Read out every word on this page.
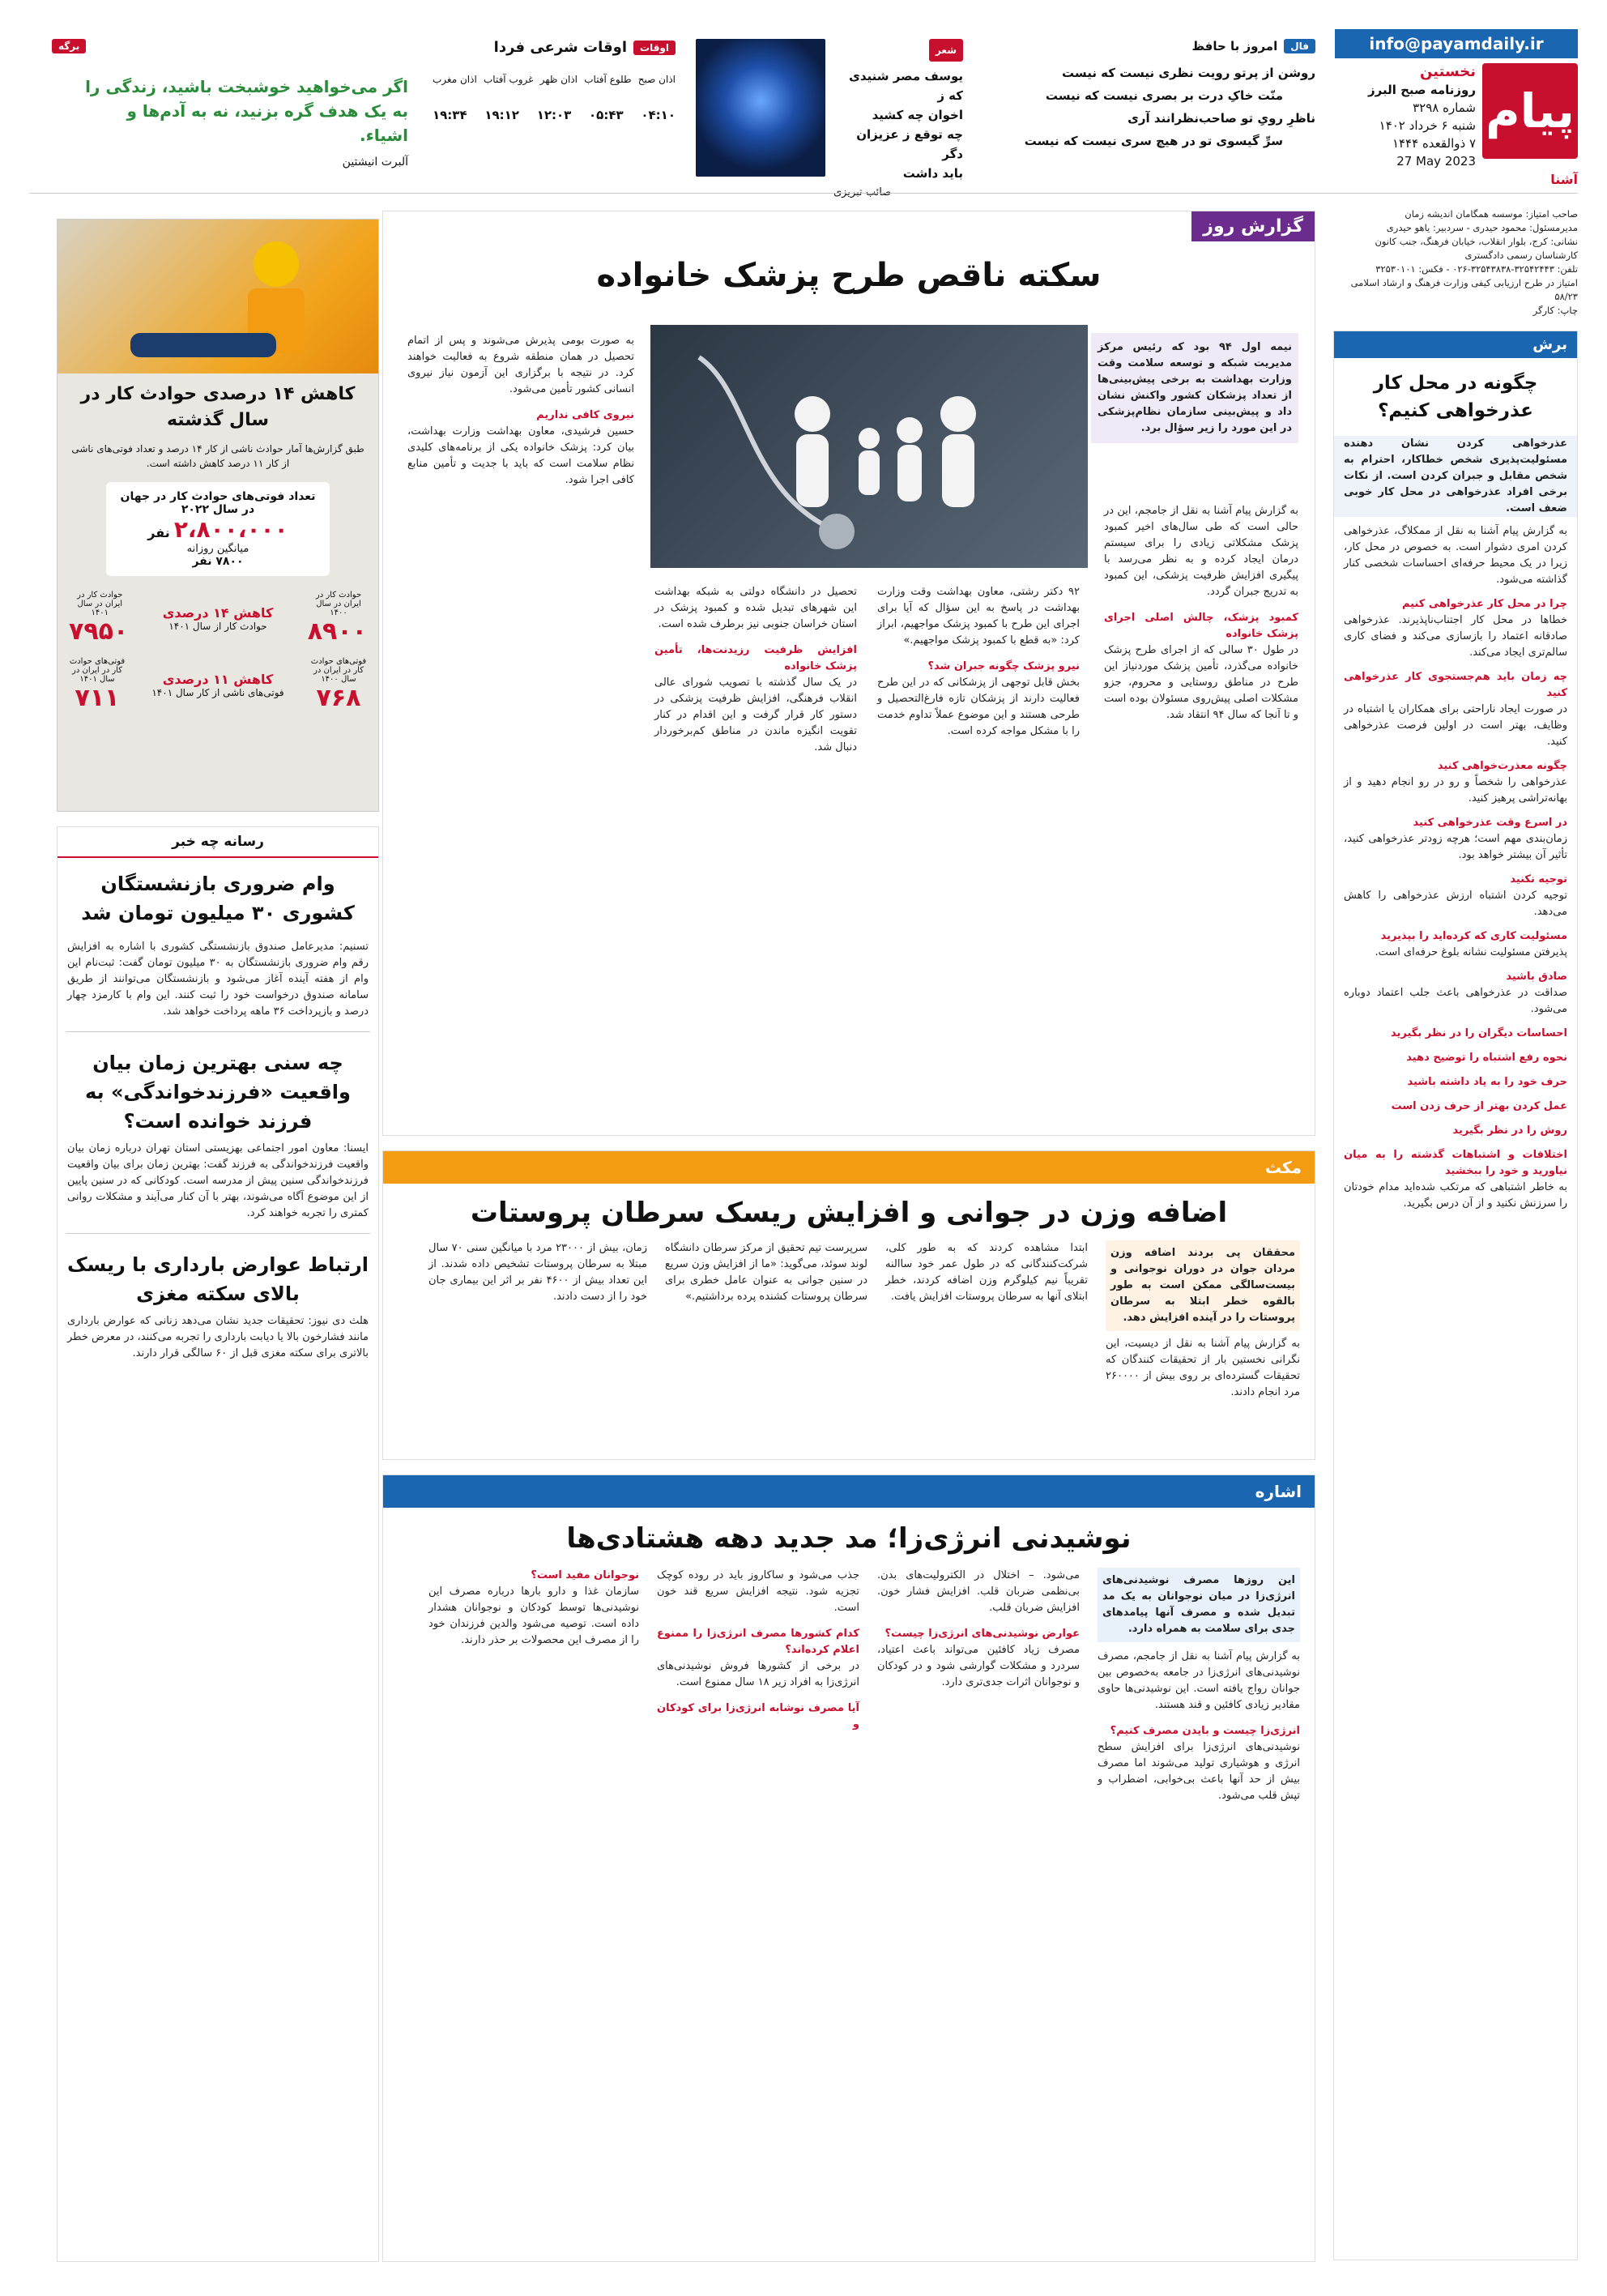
info@payamdaily.ir
پیام
نخستین
روزنامه صبح البرز
شماره ۳۲۹۸
شنبه ۶ خرداد ۱۴۰۲
۷ ذوالقعده ۱۴۴۴
27 May 2023
آشنا
صاحب امتیاز: موسسه همگامان اندیشه زمان
مدیرمسئول: محمود حیدری - سردبیر: یاهو حیدری
نشانی: کرج، بلوار انقلاب، خیابان فرهنگ، جنب کانون کارشناسان رسمی دادگستری
تلفن: ۳۲۵۴۲۴۴۳-۳۲۵۴۳۸۳۸-۰۲۶ - فکس: ۳۲۵۳۰۱۰۱
امتیاز در طرح ارزیابی کیفی وزارت فرهنگ و ارشاد اسلامی ۵۸/۲۳
چاپ: کارگر
فال
امروز با حافظ
روشن از پرتو رویت نظری نیست که نیست
منّت خاکِ درت بر بصری نیست که نیست
ناظرِ رویِ تو صاحب‌نظرانند آری
سرِّ گیسوی تو در هیچ سری نیست که نیست
شعر
یوسف مصر شنیدی که ز
اخوان چه کشید
چه توقع ز عزیزان دگر
باید داشت
صائب تبریزی
اوقات
اوقات شرعی فردا
اذان صبح
طلوع آفتاب
اذان ظهر
غروب آفتاب
اذان مغرب
۰۴:۱۰
۰۵:۴۳
۱۲:۰۳
۱۹:۱۲
۱۹:۳۴
برگه
اگر می‌خواهید خوشبخت باشید، زندگی را به یک هدف گره بزنید، نه به آدم‌ها و اشیاء.
آلبرت انیشتین
برش
چگونه در محل کار عذرخواهی کنیم؟
عذرخواهی کردن نشان دهنده مسئولیت‌پذیری شخص خطاکار، احترام به شخص مقابل و جبران کردن است. از نکات برخی افراد عذرخواهی در محل کار خوبی ضعف است.
به گزارش پیام آشنا به نقل از ممکلاگ، عذرخواهی کردن امری دشوار است. به خصوص در محل کار، زیرا در یک محیط حرفه‌ای احساسات شخصی کنار گذاشته می‌شود.
چرا در محل کار عذرخواهی کنیم
خطاها در محل کار اجتناب‌ناپذیرند. عذرخواهی صادقانه اعتماد را بازسازی می‌کند و فضای کاری سالم‌تری ایجاد می‌کند.
چه زمان باید هم‌جستجوی کار عذرخواهی کنید
در صورت ایجاد ناراحتی برای همکاران یا اشتباه در وظایف، بهتر است در اولین فرصت عذرخواهی کنید.
چگونه معذرت‌خواهی کنید
عذرخواهی را شخصاً و رو در رو انجام دهید و از بهانه‌تراشی پرهیز کنید.
در اسرع وقت عذرخواهی کنید
زمان‌بندی مهم است؛ هرچه زودتر عذرخواهی کنید، تأثیر آن بیشتر خواهد بود.
توجیه نکنید
توجیه کردن اشتباه ارزش عذرخواهی را کاهش می‌دهد.
مسئولیت کاری که کرده‌اید را بپذیرید
پذیرفتن مسئولیت نشانه بلوغ حرفه‌ای است.
صادق باشید
صداقت در عذرخواهی باعث جلب اعتماد دوباره می‌شود.
احساسات دیگران را در نظر بگیرید
نحوه رفع اشتباه را توضیح دهید
حرف خود را به یاد داشته باشید
عمل کردن بهتر از حرف زدن است
روش را در نظر بگیرید
اختلافات و اشتباهات گذشته را به میان نیاورید و خود را ببخشید
به خاطر اشتباهی که مرتکب شده‌اید مدام خودتان را سرزنش نکنید و از آن درس بگیرید.
گزارش روز
سکته ناقص طرح پزشک خانواده
نیمه اول ۹۴ بود که رئیس مرکز مدیریت شبکه و توسعه سلامت وقت وزارت بهداشت به برخی پیش‌بینی‌ها از تعداد پزشکان کشور واکنش نشان داد و پیش‌بینی سازمان نظام‌پزشکی در این مورد را زیر سؤال برد.
به گزارش پیام آشنا به نقل از جامجم، این در حالی است که طی سال‌های اخیر کمبود پزشک مشکلاتی زیادی را برای سیستم درمان ایجاد کرده و به نظر می‌رسد با پیگیری افزایش ظرفیت پزشکی، این کمبود به تدریج جبران گردد.
کمبود پزشک، چالش اصلی اجرای پزشک خانواده
در طول ۳۰ سالی که از اجرای طرح پزشک خانواده می‌گذرد، تأمین پزشک موردنیاز این طرح در مناطق روستایی و محروم، جزو مشکلات اصلی پیش‌روی مسئولان بوده است و تا آنجا که سال ۹۴ انتقاد شد.
۹۲ دکتر رشتی، معاون بهداشت وقت وزارت بهداشت در پاسخ به این سؤال که آیا برای اجرای این طرح با کمبود پزشک مواجهیم، ابراز کرد: «به قطع با کمبود پزشک مواجهیم.»
نیرو پزشک چگونه جبران شد؟
بخش قابل توجهی از پزشکانی که در این طرح فعالیت دارند از پزشکان تازه فارغ‌التحصیل و طرحی هستند و این موضوع عملاً تداوم خدمت را با مشکل مواجه کرده است.
تحصیل در دانشگاه دولتی به شبکه بهداشت این شهرهای تبدیل شده و کمبود پزشک در استان خراسان جنوبی نیز برطرف شده است.
افزایش ظرفیت رزیدنت‌ها، تأمین پزشک خانواده
در یک سال گذشته با تصویب شورای عالی انقلاب فرهنگی، افزایش ظرفیت پزشکی در دستور کار قرار گرفت و این اقدام در کنار تقویت انگیزه ماندن در مناطق کم‌برخوردار دنبال شد.
به صورت بومی پذیرش می‌شوند و پس از اتمام تحصیل در همان منطقه شروع به فعالیت خواهند کرد. در نتیجه با برگزاری این آزمون نیاز نیروی انسانی کشور تأمین می‌شود.
نیروی کافی نداریم
حسین فرشیدی، معاون بهداشت وزارت بهداشت، بیان کرد: پزشک خانواده یکی از برنامه‌های کلیدی نظام سلامت است که باید با جدیت و تأمین منابع کافی اجرا شود.
مکث
اضافه وزن در جوانی و افزایش ریسک سرطان پروستات
محققان پی بردند اضافه وزن مردان جوان در دوران نوجوانی و بیست‌سالگی ممکن است به طور بالقوه خطر ابتلا به سرطان پروستات را در آینده افزایش دهد.
به گزارش پیام آشنا به نقل از دیسیت، این نگرانی نخستین بار از تحقیقات کنندگان که تحقیقات گسترده‌ای بر روی بیش از ۲۶۰۰۰۰ مرد انجام دادند.
ابتدا مشاهده کردند که به طور کلی، شرکت‌کنندگانی که در طول عمر خود ساالنه تقریباً نیم کیلوگرم وزن اضافه کردند، خطر ابتلای آنها به سرطان پروستات افزایش یافت.
سرپرست تیم تحقیق از مرکز سرطان دانشگاه لوند سوئد، می‌گوید: «ما از افزایش وزن سریع در سنین جوانی به عنوان عامل خطری برای سرطان پروستات کشنده پرده برداشتیم.»
زمان، بیش از ۲۳۰۰۰ مرد با میانگین سنی ۷۰ سال مبتلا به سرطان پروستات تشخیص داده شدند. از این تعداد بیش از ۴۶۰۰ نفر بر اثر این بیماری جان خود را از دست دادند.
اشاره
نوشیدنی انرژی‌زا؛ مد جدید دهه هشتادی‌ها
این روزها مصرف نوشیدنی‌های انرژی‌زا در میان نوجوانان به یک مد تبدیل شده و مصرف آنها پیامدهای جدی برای سلامت به همراه دارد.
به گزارش پیام آشنا به نقل از جامجم، مصرف نوشیدنی‌های انرژی‌زا در جامعه به‌خصوص بین جوانان رواج یافته است. این نوشیدنی‌ها حاوی مقادیر زیادی کافئین و قند هستند.
انرژی‌زا چیست و بایدن مصرف کنیم؟
نوشیدنی‌های انرژی‌زا برای افزایش سطح انرژی و هوشیاری تولید می‌شوند اما مصرف بیش از حد آنها باعث بی‌خوابی، اضطراب و تپش قلب می‌شود.
می‌شود. – اختلال در الکترولیت‌های بدن. بی‌نظمی ضربان قلب. افزایش فشار خون. افزایش ضربان قلب.
عوارض نوشیدنی‌های انرژی‌زا چیست؟
مصرف زیاد کافئین می‌تواند باعث اعتیاد، سردرد و مشکلات گوارشی شود و در کودکان و نوجوانان اثرات جدی‌تری دارد.
جذب می‌شود و ساکاروز باید در روده کوچک تجزیه شود. نتیجه افزایش سریع قند خون است.
کدام کشورها مصرف انرژی‌زا را ممنوع اعلام کرده‌اند؟
در برخی از کشورها فروش نوشیدنی‌های انرژی‌زا به افراد زیر ۱۸ سال ممنوع است.
آیا مصرف نوشابه انرژی‌زا برای کودکان و
نوجوانان مفید است؟
سازمان غذا و دارو بارها درباره مصرف این نوشیدنی‌ها توسط کودکان و نوجوانان هشدار داده است. توصیه می‌شود والدین فرزندان خود را از مصرف این محصولات بر حذر دارند.
کاهش ۱۴ درصدی حوادث کار در سال گذشته
طبق گزارش‌ها آمار حوادث ناشی از کار ۱۴ درصد و تعداد فوتی‌های ناشی از کار ۱۱ درصد کاهش داشته است.
تعداد فوتی‌های حوادث کار در جهان در سال ۲۰۲۲
۲،۸۰۰،۰۰۰ نفر
میانگین روزانه
۷۸۰۰ نفر
حوادث کار در ایران در سال ۱۴۰۰
۸۹۰۰
کاهش ۱۴ درصدی
حوادث کار از سال ۱۴۰۱
حوادث کار در ایران در سال ۱۴۰۱
۷۹۵۰
فوتی‌های حوادث کار در ایران در سال ۱۴۰۰
۷۶۸
کاهش ۱۱ درصدی
فوتی‌های ناشی از کار سال ۱۴۰۱
فوتی‌های حوادث کار در ایران در سال ۱۴۰۱
۷۱۱
رسانه چه خبر
وام ضروری بازنشستگان کشوری ۳۰ میلیون تومان شد
تسنیم: مدیرعامل صندوق بازنشستگی کشوری با اشاره به افزایش رقم وام ضروری بازنشستگان به ۳۰ میلیون تومان گفت: ثبت‌نام این وام از هفته آینده آغاز می‌شود و بازنشستگان می‌توانند از طریق سامانه صندوق درخواست خود را ثبت کنند. این وام با کارمزد چهار درصد و بازپرداخت ۳۶ ماهه پرداخت خواهد شد.
چه سنی بهترین زمان بیان واقعیت «فرزندخواندگی» به فرزند خوانده است؟
ایسنا: معاون امور اجتماعی بهزیستی استان تهران درباره زمان بیان واقعیت فرزندخواندگی به فرزند گفت: بهترین زمان برای بیان واقعیت فرزندخواندگی سنین پیش از مدرسه است. کودکانی که در سنین پایین از این موضوع آگاه می‌شوند، بهتر با آن کنار می‌آیند و مشکلات روانی کمتری را تجربه خواهند کرد.
ارتباط عوارض بارداری با ریسک بالای سکته مغزی
هلث دی نیوز: تحقیقات جدید نشان می‌دهد زنانی که عوارض بارداری مانند فشارخون بالا یا دیابت بارداری را تجربه می‌کنند، در معرض خطر بالاتری برای سکته مغزی قبل از ۶۰ سالگی قرار دارند.
